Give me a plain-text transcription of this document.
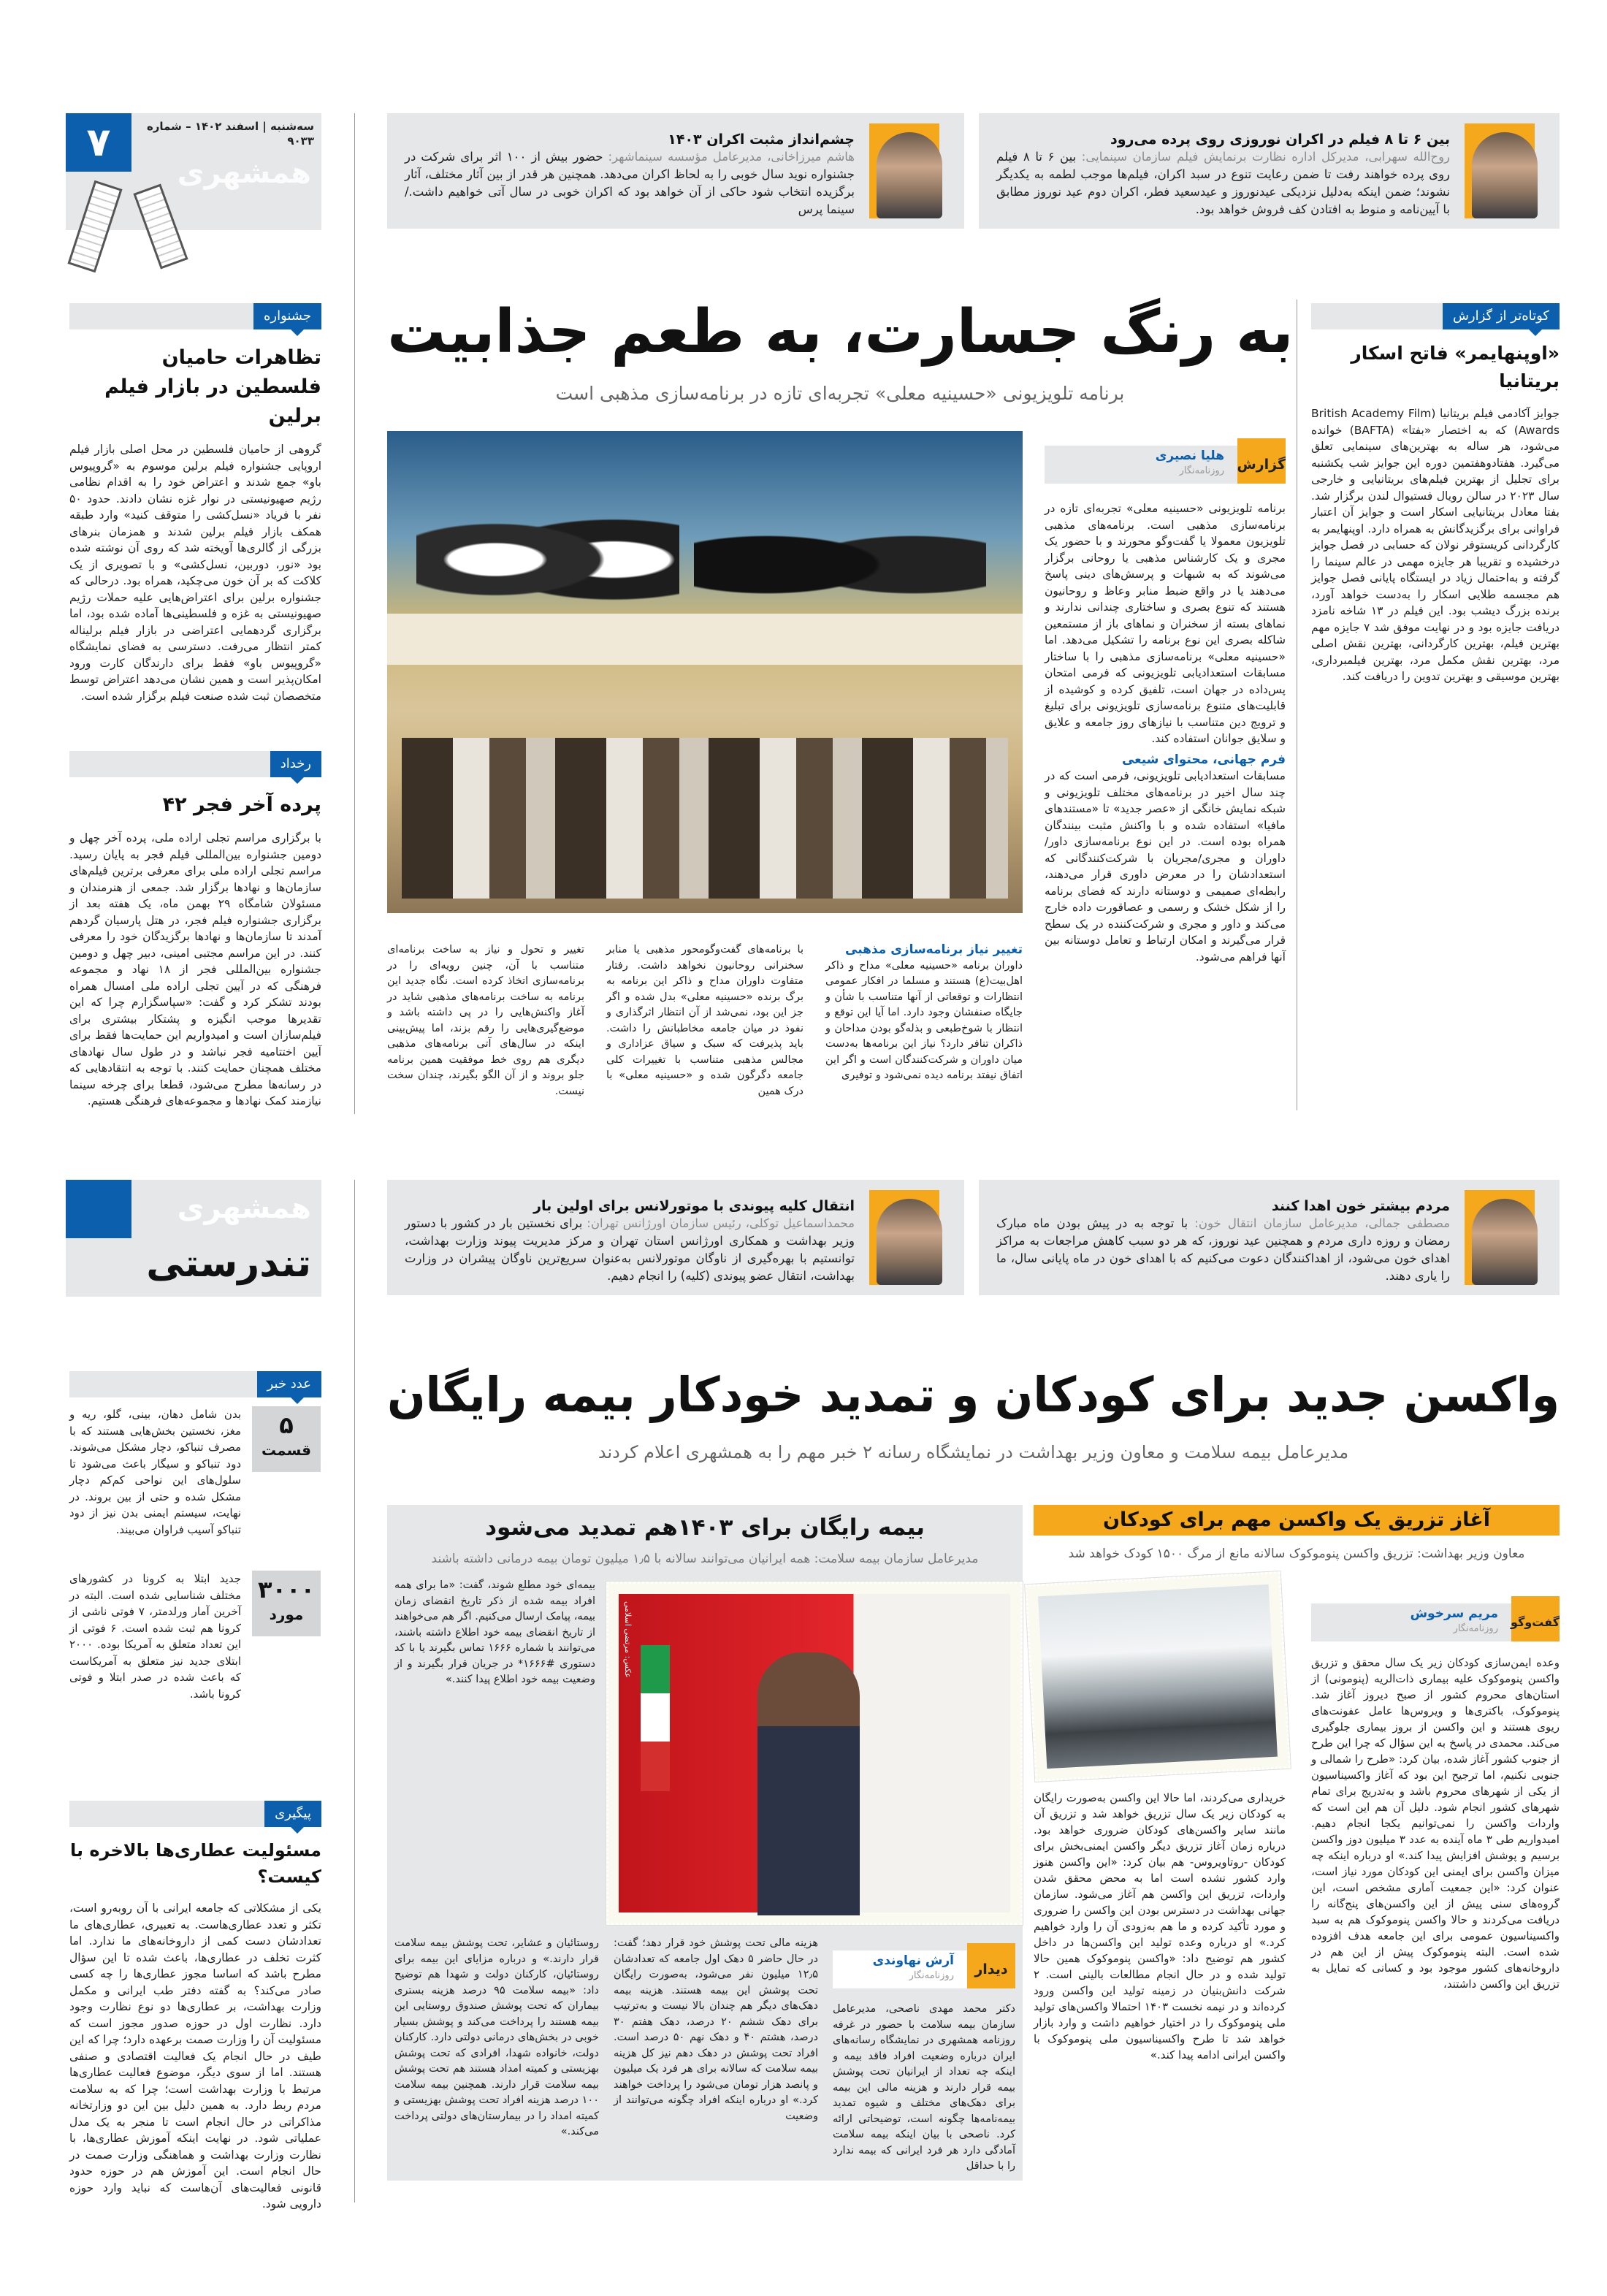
۷	سه‌شنبه | اسفند ۱۴۰۲ – شماره ۹۰۳۳
همشهری
بین ۶ تا ۸ فیلم در اکران نوروزی روی پرده می‌رود
روح‌الله سهرابی، مدیرکل اداره نظارت برنمایش فیلم سازمان سینمایی: بین ۶ تا ۸ فیلم روی پرده خواهند رفت تا ضمن رعایت تنوع در سبد اکران، فیلم‌ها موجب لطمه به یکدیگر نشوند؛ ضمن اینکه به‌دلیل نزدیکی عیدنوروز و عیدسعید فطر، اکران دوم عید نوروز مطابق با آیین‌نامه و منوط به افتادن کف فروش خواهد بود.
چشم‌انداز مثبت اکران ۱۴۰۳
هاشم میرزاخانی، مدیرعامل مؤسسه سینماشهر: حضور بیش از ۱۰۰ اثر برای شرکت در جشنواره نوید سال خوبی را به لحاظ اکران می‌دهد. همچنین هر قدر از بین آثار مختلف، آثار برگزیده انتخاب شود حاکی از آن خواهد بود که اکران خوبی در سال آتی خواهیم داشت./ سینما پرس
جشنواره
تظاهرات حامیان فلسطین در بازار فیلم برلین
گروهی از حامیان فلسطین در محل اصلی بازار فیلم اروپایی جشنواره فیلم برلین موسوم به «گروپیوس باو» جمع شدند و اعتراض خود را به اقدام نظامی رژیم صهیونیستی در نوار غزه نشان دادند. حدود ۵۰ نفر با فریاد «نسل‌کشی را متوقف کنید» وارد طبقه همکف بازار فیلم برلین شدند و همزمان بنرهای بزرگی از گالری‌ها آویخته شد که روی آن نوشته شده بود «نور، دوربین، نسل‌کشی» و با تصویری از یک کلاکت که بر آن خون می‌چکید، همراه بود. درحالی که جشنواره برلین برای اعتراض‌هایی علیه حملات رژیم صهیونیستی به غزه و فلسطینی‌ها آماده شده بود، اما برگزاری گردهمایی اعتراضی در بازار فیلم برلیناله کمتر انتظار می‌رفت. دسترسی به فضای نمایشگاه «گروپیوس باو» فقط برای دارندگان کارت ورود امکان‌پذیر است و همین نشان می‌دهد اعتراض توسط متخصصان ثبت شده صنعت فیلم برگزار شده است.
رخداد
پرده آخر فجر ۴۲
با برگزاری مراسم تجلی اراده ملی، پرده آخر چهل و دومین جشنواره بین‌المللی فیلم فجر به پایان رسید. مراسم تجلی اراده ملی برای معرفی برترین فیلم‌های سازمان‌ها و نهادها برگزار شد. جمعی از هنرمندان و مسئولان شامگاه ۲۹ بهمن ماه، یک هفته بعد از برگزاری جشنواره فیلم فجر، در هتل پارسیان گردهم آمدند تا سازمان‌ها و نهادها برگزیدگان خود را معرفی کنند. در این مراسم مجتبی امینی، دبیر چهل و دومین جشنواره بین‌المللی فجر از ۱۸ نهاد و مجموعه فرهنگی که در آیین تجلی اراده ملی امسال همراه بودند تشکر کرد و گفت: «سپاسگزارم چرا که این تقدیرها موجب انگیزه و پشتکار بیشتری برای فیلم‌سازان است و امیدواریم این حمایت‌ها فقط برای آیین اختتامیه فجر نباشد و در طول سال نهادهای مختلف همچنان حمایت کنند. با توجه به انتقادهایی که در رسانه‌ها مطرح می‌شود، قطعا برای چرخه سینما نیازمند کمک نهادها و مجموعه‌های فرهنگی هستیم.
به رنگ جسارت، به طعم جذابیت
برنامه تلویزیونی «حسینیه معلی» تجربه‌ای تازه در برنامه‌سازی مذهبی است
گزارش
هلیا نصیری
روزنامه‌نگار
برنامه تلویزیونی «حسینیه معلی» تجربه‌ای تازه در برنامه‌سازی مذهبی است. برنامه‌های مذهبی تلویزیون معمولا یا گفت‌وگو محورند و با حضور یک مجری و یک کارشناس مذهبی یا روحانی برگزار می‌شوند که به شبهات و پرسش‌های دینی پاسخ می‌دهند یا در واقع ضبط منابر وعاظ و روحانیون هستند که تنوع بصری و ساختاری چندانی ندارند و نماهای بسته از سخنران و نماهای باز از مستمعین شاکله بصری این نوع برنامه را تشکیل می‌دهد. اما «حسینیه معلی» برنامه‌سازی مذهبی را با ساختار مسابقات استعدادیابی تلویزیونی که فرمی امتحان پس‌داده در جهان است، تلفیق کرده و کوشیده از قابلیت‌های متنوع برنامه‌سازی تلویزیونی برای تبلیغ و ترویج دین متناسب با نیازهای روز جامعه و علایق و سلایق جوانان استفاده کند.
فرم جهانی، محتوای شیعی
مسابقات استعدادیابی تلویزیونی، فرمی است که در چند سال اخیر در برنامه‌های مختلف تلویزیونی و شبکه نمایش خانگی از «عصر جدید» تا «مستند‌های مافیا» استفاده شده و با واکنش مثبت بینندگان همراه بوده است. در این نوع برنامه‌سازی داور/داوران و مجری/مجریان با شرکت‌کنندگانی که استعدادشان را در معرض داوری قرار می‌دهند، رابطه‌ای صمیمی و دوستانه دارند که فضای برنامه را از شکل خشک و رسمی و عصاقورت داده خارج می‌کند و داور و مجری و شرکت‌کننده در یک سطح قرار می‌گیرند و امکان ارتباط و تعامل دوستانه بین آنها فراهم می‌شود.
تغییر نیاز برنامه‌سازی مذهبی
داوران برنامه «حسینیه معلی» مداح و ذاکر اهل‌بیت(ع) هستند و مسلما در افکار عمومی انتظارات و توقعاتی از آنها متناسب با شأن و جایگاه صنفشان وجود دارد. اما آیا این توقع و انتظار با شوخ‌طبعی و بذله‌گو بودن مداحان و ذاکران تنافر دارد؟ نیاز این برنامه‌ها به‌دست میان داوران و شرکت‌کنندگان است و اگر این اتفاق نیفتد برنامه دیده نمی‌شود و توفیری
با برنامه‌های گفت‌وگومحور مذهبی یا منابر سخنرانی روحانیون نخواهد داشت. رفتار متفاوت داوران مداح و ذاکر این برنامه به برگ برنده «حسینیه معلی» بدل شده و اگر جز این بود، نمی‌شد از آن انتظار اثرگذاری و نفوذ در میان جامعه مخاطبانش را داشت. باید پذیرفت که سبک و سیاق عزاداری و مجالس مذهبی متناسب با تغییرات کلی جامعه دگرگون شده و «حسینیه معلی» با درک همین
تغییر و تحول و نیاز به ساخت برنامه‌ای متناسب با آن، چنین رویه‌ای را در برنامه‌سازی اتخاذ کرده است. نگاه جدید این برنامه به ساخت برنامه‌های مذهبی شاید در آغاز واکنش‌هایی را در پی داشته باشد و موضع‌گیری‌هایی را رقم بزند، اما پیش‌بینی اینکه در سال‌های آتی برنامه‌های مذهبی دیگری هم روی خط موفقیت همین برنامه جلو بروند و از آن الگو بگیرند، چندان سخت نیست.
کوتاه‌تر از گزارش
«اوپنهایمر» فاتح اسکار بریتانیا
جوایز آکادمی فیلم بریتانیا (British Academy Film Awards) که به اختصار «بفتا» (BAFTA) خوانده می‌شود، هر ساله به بهترین‌های سینمایی تعلق می‌گیرد. هفتادوهفتمین دوره این جوایز شب یکشنبه برای تجلیل از بهترین فیلم‌های بریتانیایی و خارجی سال ۲۰۲۳ در سالن رویال فستیوال لندن برگزار شد. بفتا معادل بریتانیایی اسکار است و جوایز آن اعتبار فراوانی برای برگزیدگانش به همراه دارد. اوپنهایمر به کارگردانی کریستوفر نولان که حسابی در فصل جوایز درخشیده و تقریبا هر جایزه مهمی در عالم سینما را گرفته و به‌احتمال زیاد در ایستگاه پایانی فصل جوایز هم مجسمه طلایی اسکار را به‌دست خواهد آورد، برنده بزرگ دیشب بود. این فیلم در ۱۳ شاخه نامزد دریافت جایزه بود و در نهایت موفق شد ۷ جایزه مهم بهترین فیلم، بهترین کارگردانی، بهترین نقش اصلی مرد، بهترین نقش مکمل مرد، بهترین فیلمبرداری، بهترین موسیقی و بهترین تدوین را دریافت کند.
همشهری
تندرستی
مردم بیشتر خون اهدا کنند
مصطفی جمالی، مدیرعامل سازمان انتقال خون: با توجه به در پیش بودن ماه مبارک رمضان و روزه داری مردم و همچنین عید نوروز، که هر دو سبب کاهش مراجعات به مراکز اهدای خون می‌شود، از اهداکنندگان دعوت می‌کنیم که با اهدای خون در ماه پایانی سال، ما را یاری دهند.
انتقال کلیه پیوندی با موتورلانس برای اولین بار
محمداسماعیل توکلی، رئیس سازمان اورژانس تهران: برای نخستین بار در کشور با دستور وزیر بهداشت و همکاری اورژانس استان تهران و مرکز مدیریت پیوند وزارت بهداشت، توانستیم با بهره‌گیری از ناوگان موتورلانس به‌عنوان سریع‌ترین ناوگان پیشران در وزارت بهداشت، انتقال عضو پیوندی (کلیه) را انجام دهیم.
واکسن جدید برای کودکان و تمدید خودکار بیمه رایگان
مدیرعامل بیمه سلامت و معاون وزیر بهداشت در نمایشگاه رسانه ۲ خبر مهم را به همشهری اعلام کردند
بیمه رایگان برای ۱۴۰۳هم تمدید می‌شود
مدیرعامل سازمان بیمه سلامت: همه ایرانیان می‌توانند سالانه با ۱٫۵ میلیون تومان بیمه درمانی داشته باشند
عکس: مرتضی اسلامی
بیمه‌ای خود مطلع شوند، گفت: «ما برای همه افراد بیمه شده از ذکر تاریخ انقضای زمان بیمه، پیامک ارسال می‌کنیم. اگر هم می‌خواهند از تاریخ انقضای بیمه خود اطلاع داشته باشند، می‌توانند با شماره ۱۶۶۶ تماس بگیرند یا با کد دستوری #۱۶۶۶* در جریان قرار بگیرند و از وضعیت بیمه خود اطلاع پیدا کنند.»
دیدار
آرش نهاوندی
روزنامه‌نگار
دکتر محمد مهدی ناصحی، مدیرعامل سازمان بیمه سلامت با حضور در غرفه روزنامه همشهری در نمایشگاه رسانه‌های ایران درباره وضعیت افراد فاقد بیمه و اینکه چه تعداد از ایرانیان تحت پوشش بیمه قرار دارند و هزینه مالی این بیمه برای دهک‌های مختلف و شیوه تمدید بیمه‌نامه‌ها چگونه است، توضیحاتی ارائه کرد. ناصحی با بیان اینکه بیمه سلامت آمادگی دارد هر فرد ایرانی که بیمه ندارد را با حداقل
هزینه مالی تحت پوشش خود قرار دهد؛ گفت: در حال حاضر ۵ دهک اول جامعه که تعدادشان ۱۲٫۵ میلیون نفر می‌شود، به‌صورت رایگان تحت پوشش این بیمه هستند. هزینه بیمه دهک‌های دیگر هم چندان بالا نیست و به‌ترتیب برای دهک ششم ۲۰ درصد، دهک هفتم ۳۰ درصد، هشتم ۴۰ و دهک نهم ۵۰ درصد است. افراد تحت پوشش در دهک دهم نیز کل هزینه بیمه سلامت که سالانه برای هر فرد یک میلیون و پانصد هزار تومان می‌شود را پرداخت خواهند کرد.» او درباره اینکه افراد چگونه می‌توانند از وضعیت
روستائیان و عشایر، تحت پوشش بیمه سلامت قرار دارند.» و درباره مزایای این بیمه برای روستائیان، کارکنان دولت و شهدا هم توضیح داد: «بیمه سلامت ۹۵ درصد هزینه بستری بیماران که تحت پوشش صندوق روستایی این بیمه هستند را پرداخت می‌کند و پوشش بسیار خوبی در بخش‌های درمانی دولتی دارد. کارکنان دولت، خانواده شهدا، افرادی که تحت پوشش بهزیستی و کمیته امداد هستند هم تحت پوشش بیمه سلامت قرار دارند. همچنین بیمه سلامت ۱۰۰ درصد هزینه افراد تحت پوشش بهزیستی و کمیته امداد را در بیمارستان‌های دولتی پرداخت می‌کند.»
آغاز تزریق یک واکسن مهم برای کودکان
معاون وزیر بهداشت: تزریق واکسن پنوموکوک سالانه مانع از مرگ ۱۵۰۰ کودک خواهد شد
گفت‌و‌گو
مریم سرخوش
روزنامه‌نگار
وعده ایمن‌سازی کودکان زیر یک سال محقق و تزریق واکسن پنوموکوک علیه بیماری ذات‌الریه (پنومونی) از استان‌های محروم کشور از صبح دیروز آغاز شد. پنوموکوک، باکتری‌ها و ویروس‌ها عامل عفونت‌های ریوی هستند و این واکسن از بروز بیماری جلوگیری می‌کند. محمدی در پاسخ به این سؤال که چرا این طرح از جنوب کشور آغاز شده، بیان کرد: «طرح را شمالی و جنوبی نکنیم، اما ترجیح این بود که آغاز واکسیناسیون از یکی از شهرهای محروم باشد و به‌تدریج برای تمام شهرهای کشور انجام شود. دلیل آن هم این است که واردات واکسن را نمی‌توانیم یکجا انجام دهیم. امیدواریم طی ۳ ماه آینده به عدد ۳ میلیون دوز واکسن برسیم و پوشش افزایش پیدا کند.» او درباره اینکه چه میزان واکسن برای ایمنی این کودکان مورد نیاز است، عنوان کرد: «این جمعیت آماری مشخص است، این گروه‌های سنی پیش از این واکسن‌های پنج‌گانه را دریافت می‌کردند و حالا واکسن پنوموکوک هم به سبد واکسیناسیون عمومی برای این جامعه هدف افزوده شده است. البته پنوموکوک پیش از این هم در داروخانه‌های کشور موجود بود و کسانی که تمایل به تزریق این واکسن داشتند،
خریداری می‌کردند، اما حالا این واکسن به‌صورت رایگان به کودکان زیر یک سال تزریق خواهد شد و تزریق آن مانند سایر واکسن‌های کودکان ضروری خواهد بود. درباره زمان آغاز تزریق دیگر واکسن ایمنی‌بخش برای کودکان -روتاویروس- هم بیان کرد: «این واکسن هنوز وارد کشور نشده است اما به محض محقق شدن واردات، تزریق این واکسن هم آغاز می‌شود. سازمان جهانی بهداشت در دسترس بودن این واکسن را ضروری و مورد تأکید کرده و ما هم به‌زودی آن را وارد خواهیم کرد.» او درباره وعده تولید این واکسن‌ها در داخل کشور هم توضیح داد: «واکسن پنوموکوک همین حالا تولید شده و در حال انجام مطالعات بالینی است. ۲ شرکت دانش‌بنیان در زمینه تولید این واکسن ورود کرده‌اند و در نیمه نخست ۱۴۰۳ احتمالا واکسن‌های تولید ملی پنوموکوک را در اختیار خواهیم داشت و وارد بازار خواهد شد تا طرح واکسیناسیون ملی پنوموکوک با واکسن ایرانی ادامه پیدا کند.»
عدد خبر
۵
قسمت
بدن شامل دهان، بینی، گلو، ریه و مغز، نخستین بخش‌هایی هستند که با مصرف تنباکو، دچار مشکل می‌شوند. دود تنباکو و سیگار باعث می‌شود تا سلول‌های این نواحی کم‌کم دچار مشکل شده و حتی از بین بروند. در نهایت، سیستم ایمنی بدن نیز از دود تنباکو آسیب فراوان می‌بیند.
۳۰۰۰
مورد
جدید ابتلا به کرونا در کشورهای مختلف شناسایی شده است. البته در آخرین آمار ورلدمتر، ۷ فوتی ناشی از کرونا هم ثبت شده است. ۶ فوتی از این تعداد متعلق به آمریکا بوده. ۲۰۰۰ ابتلای جدید نیز متعلق به آمریکاست که باعث شده در صدر ابتلا و فوتی کرونا باشد.
پیگیری
مسئولیت عطاری‌ها بالاخره با کیست؟
یکی از مشکلاتی که جامعه ایرانی با آن روبه‌رو است، تکثر و تعدد عطاری‌هاست. به تعبیری، عطاری‌های ما تعدادشان دست کمی از داروخانه‌های ما ندارد. اما کثرت تخلف در عطاری‌ها، باعث شده تا این سؤال مطرح باشد که اساسا مجوز عطاری‌ها را چه کسی صادر می‌کند؟ به گفته دفتر طب ایرانی و مکمل وزارت بهداشت، بر عطاری‌ها دو نوع نظارت وجود دارد. نظارت اول در حوزه صدور مجوز است که مسئولیت آن را وزارت صمت برعهده دارد؛ چرا که این طیف در حال انجام یک فعالیت اقتصادی و صنفی هستند. اما از سوی دیگر، موضوع فعالیت عطاری‌ها مرتبط با وزارت بهداشت است؛ چرا که به سلامت مردم ربط دارد. به همین دلیل بین این دو وزارتخانه مذاکراتی در حال انجام است تا منجر به یک مدل عملیاتی شود. در نهایت اینکه آموزش عطاری‌ها، با نظارت وزارت بهداشت و هماهنگی وزارت صمت در حال انجام است. این آموزش هم در حوزه حدود قانونی فعالیت‌های آن‌هاست که نباید وارد حوزه دارویی شود.
